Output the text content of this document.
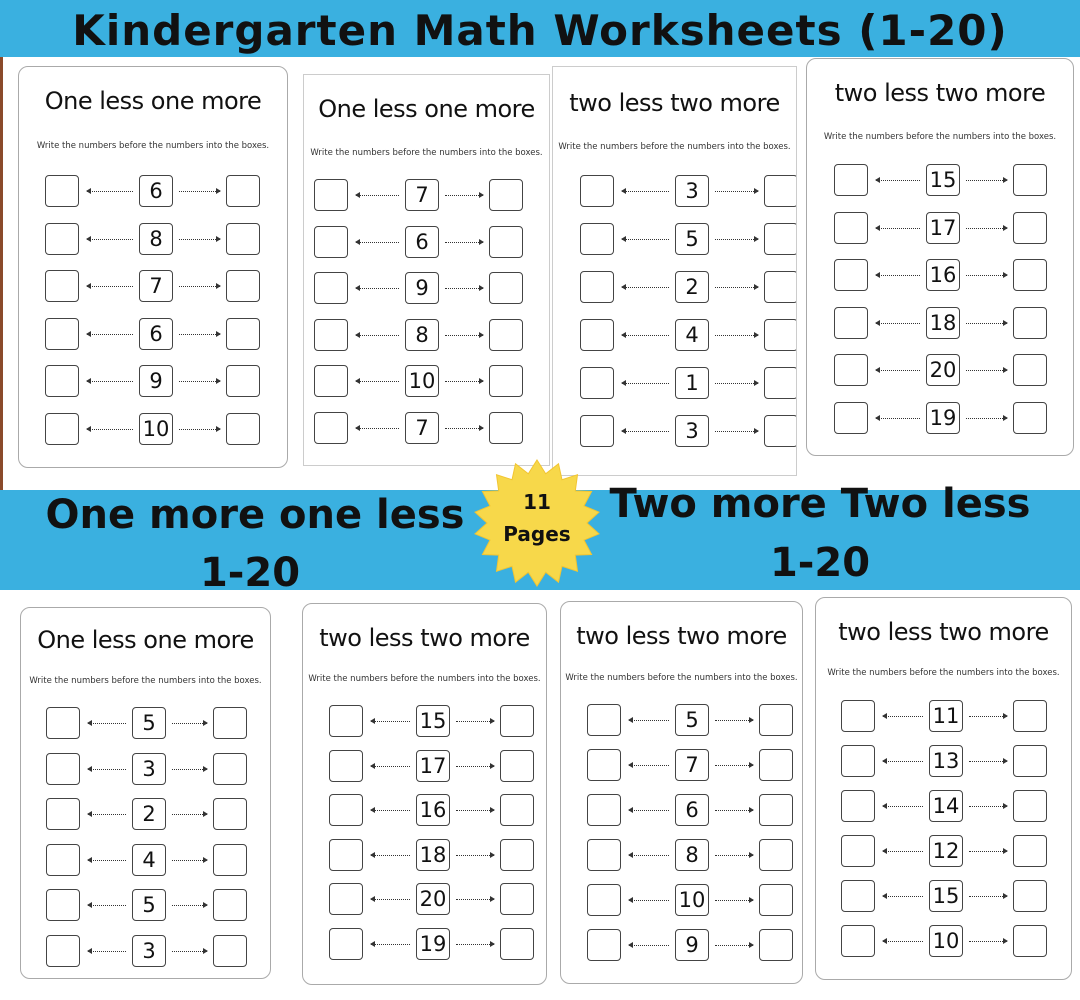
Kindergarten Math Worksheets (1-20)
One less one more
Write the numbers before the numbers into the boxes.
6
8
7
6
9
10
One less one more
Write the numbers before the numbers into the boxes.
7
6
9
8
10
7
two less two more
Write the numbers before the numbers into the boxes.
3
5
2
4
1
3
two less two more
Write the numbers before the numbers into the boxes.
15
17
16
18
20
19
One more one less
1-20
Two more Two less
1-20
11
Pages
One less one more
Write the numbers before the numbers into the boxes.
5
3
2
4
5
3
two less two more
Write the numbers before the numbers into the boxes.
15
17
16
18
20
19
two less two more
Write the numbers before the numbers into the boxes.
5
7
6
8
10
9
two less two more
Write the numbers before the numbers into the boxes.
11
13
14
12
15
10
